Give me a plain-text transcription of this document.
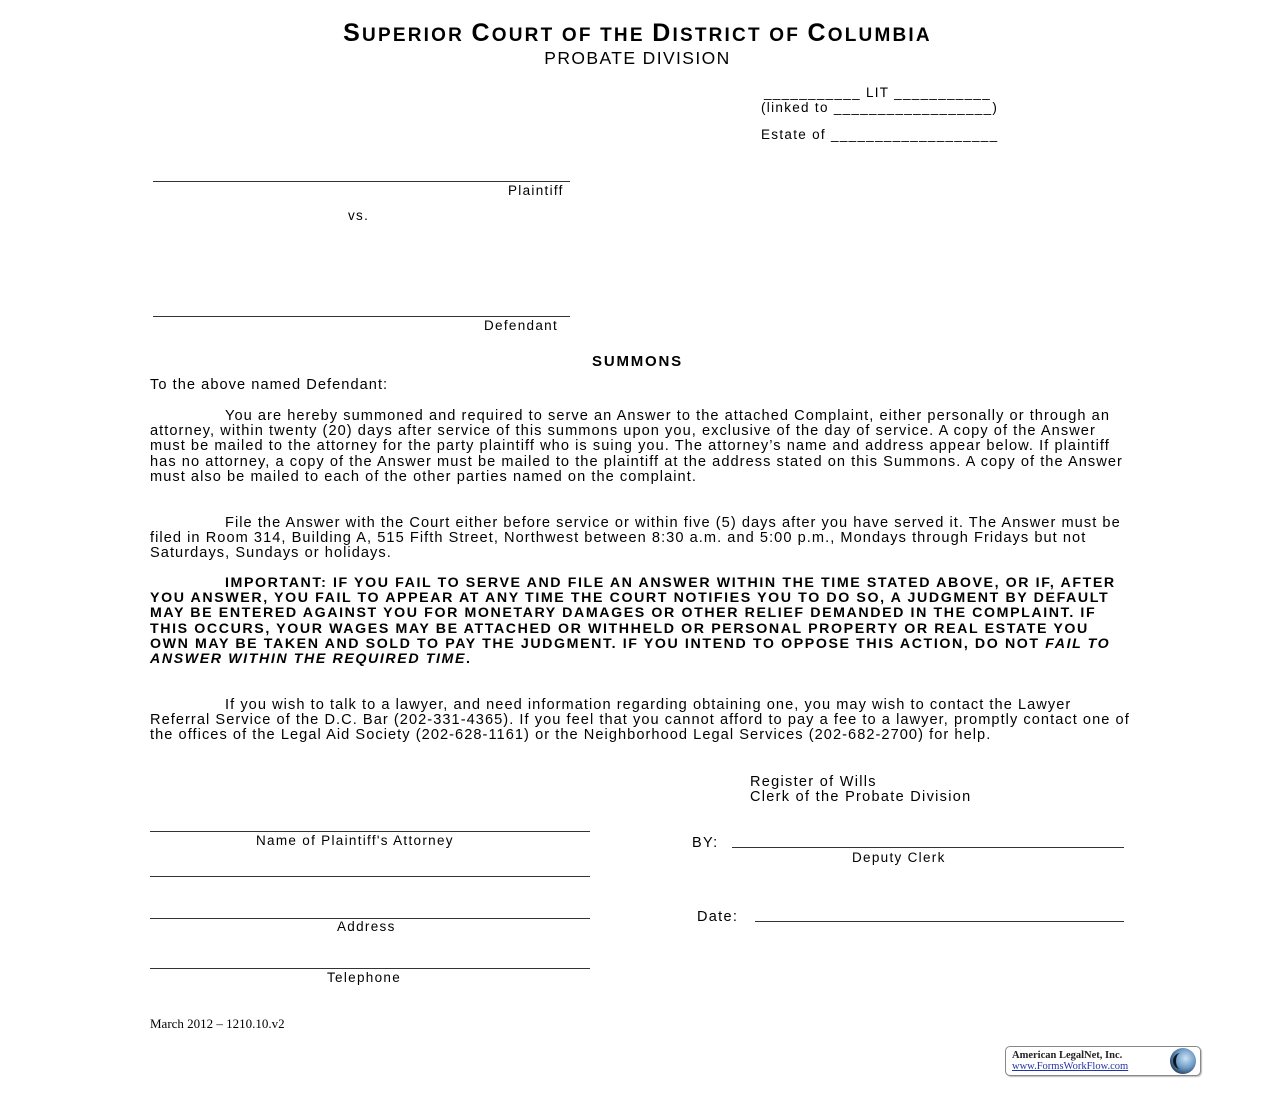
SUPERIOR COURT OF THE DISTRICT OF COLUMBIA
PROBATE DIVISION
___________ LIT ___________
(linked to __________________)
Estate of ___________________
Plaintiff
vs.
Defendant
SUMMONS
To the above named Defendant:
You are hereby summoned and required to serve an Answer to the attached Complaint, either personally or through an attorney, within twenty (20) days after service of this summons upon you, exclusive of the day of service. A copy of the Answer must be mailed to the attorney for the party plaintiff who is suing you. The attorney’s name and address appear below. If plaintiff has no attorney, a copy of the Answer must be mailed to the plaintiff at the address stated on this Summons. A copy of the Answer must also be mailed to each of the other parties named on the complaint.
File the Answer with the Court either before service or within five (5) days after you have served it. The Answer must be filed in Room 314, Building A, 515 Fifth Street, Northwest between 8:30 a.m. and 5:00 p.m., Mondays through Fridays but not Saturdays, Sundays or holidays.
IMPORTANT: IF YOU FAIL TO SERVE AND FILE AN ANSWER WITHIN THE TIME STATED ABOVE, OR IF, AFTER YOU ANSWER, YOU FAIL TO APPEAR AT ANY TIME THE COURT NOTIFIES YOU TO DO SO, A JUDGMENT BY DEFAULT MAY BE ENTERED AGAINST YOU FOR MONETARY DAMAGES OR OTHER RELIEF DEMANDED IN THE COMPLAINT. IF THIS OCCURS, YOUR WAGES MAY BE ATTACHED OR WITHHELD OR PERSONAL PROPERTY OR REAL ESTATE YOU OWN MAY BE TAKEN AND SOLD TO PAY THE JUDGMENT. IF YOU INTEND TO OPPOSE THIS ACTION, DO NOT FAIL TO ANSWER WITHIN THE REQUIRED TIME.
If you wish to talk to a lawyer, and need information regarding obtaining one, you may wish to contact the Lawyer Referral Service of the D.C. Bar (202-331-4365). If you feel that you cannot afford to pay a fee to a lawyer, promptly contact one of the offices of the Legal Aid Society (202-628-1161) or the Neighborhood Legal Services (202-682-2700) for help.
Register of Wills
Clerk of the Probate Division
BY:
Deputy Clerk
Date:
Name of Plaintiff's Attorney
Address
Telephone
March 2012 – 1210.10.v2
American LegalNet, Inc.
www.FormsWorkFlow.com
